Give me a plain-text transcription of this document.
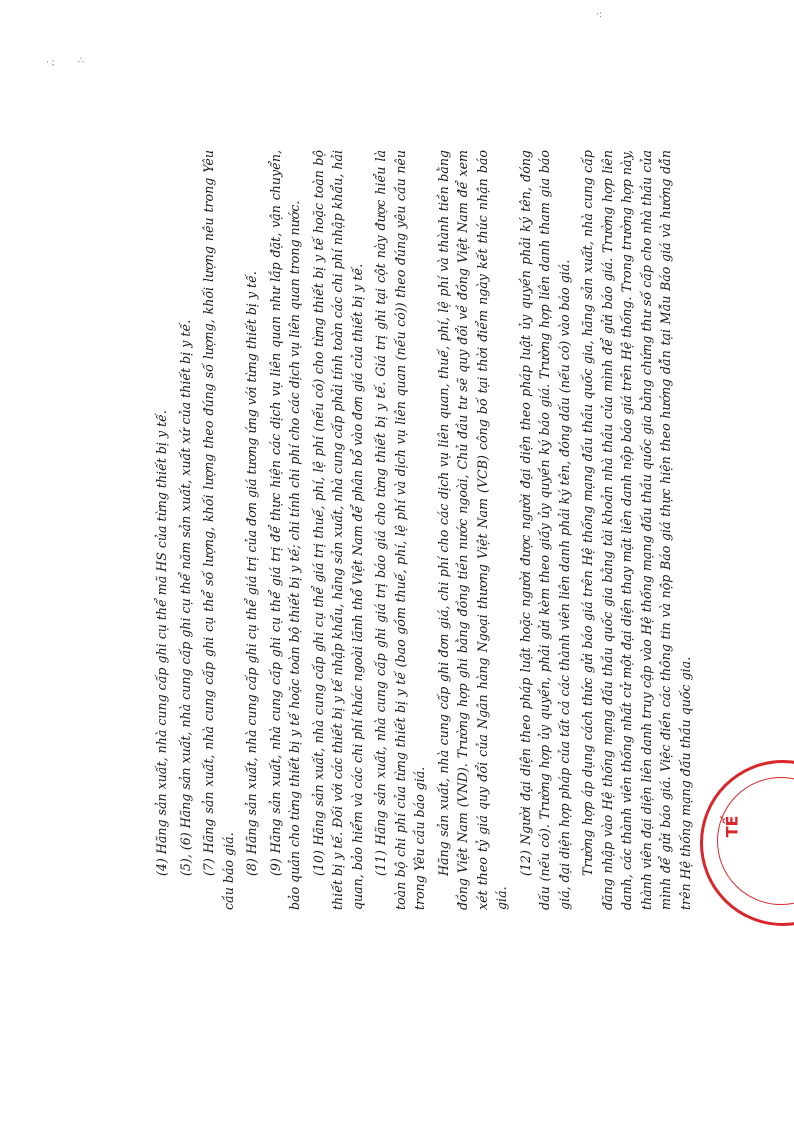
· ;	∴
·:

(4) Hãng sản xuất, nhà cung cấp ghi cụ thể mã HS của từng thiết bị y tế. (5), (6) Hãng sản xuất, nhà cung cấp ghi cụ thể năm sản xuất, xuất xứ của thiết bị y tế. (7) Hãng sản xuất, nhà cung cấp ghi cụ thể số lượng, khối lượng theo đúng số lượng, khối lượng nêu trong Yêu cầu báo giá. (8) Hãng sản xuất, nhà cung cấp ghi cụ thể giá trị của đơn giá tương ứng với từng thiết bị y tế. (9) Hãng sản xuất, nhà cung cấp ghi cụ thể giá trị để thực hiện các dịch vụ liên quan như lắp đặt, vận chuyển, bảo quản cho từng thiết bị y tế hoặc toàn bộ thiết bị y tế; chi tính chi phí cho các dịch vụ liên quan trong nước. (10) Hãng sản xuất, nhà cung cấp ghi cụ thể giá trị thuế, phí, lệ phí (nếu có) cho từng thiết bị y tế hoặc toàn bộ thiết bị y tế. Đối với các thiết bị y tế nhập khẩu, hãng sản xuất, nhà cung cấp phải tính toàn các chi phí nhập khẩu, hải quan, bảo hiểm và các chi phí khác ngoài lãnh thổ Việt Nam để phân bổ vào đơn giá của thiết bị y tế. (11) Hãng sản xuất, nhà cung cấp ghi giá trị báo giá cho từng thiết bị y tế. Giá trị ghi tại cột này được hiểu là toàn bộ chi phí của từng thiết bị y tế (bao gồm thuế, phí, lệ phí và dịch vụ liên quan (nếu có)) theo đúng yêu cầu nêu trong Yêu cầu báo giá. Hãng sản xuất, nhà cung cấp ghi đơn giá, chi phí cho các dịch vụ liên quan, thuế, phí, lệ phí và thành tiền bằng đồng Việt Nam (VND). Trường hợp ghi bằng đồng tiền nước ngoài, Chủ đầu tư sẽ quy đổi về đồng Việt Nam để xem xét theo tỷ giá quy đổi của Ngân hàng Ngoại thương Việt Nam (VCB) công bố tại thời điểm ngày kết thúc nhận báo giá.

(12) Người đại diện theo pháp luật hoặc người được người đại diện theo pháp luật ủy quyền phải ký tên, đóng dấu (nếu có). Trường hợp ủy quyền, phải gửi kèm theo giấy ủy quyền ký báo giá. Trường hợp liên danh tham gia báo giá, đại diện hợp pháp của tất cả các thành viên liên danh phải ký tên, đóng dấu (nếu có) vào báo giá. Trường hợp áp dụng cách thức gửi báo giá trên Hệ thống mạng đấu thầu quốc gia, hãng sản xuất, nhà cung cấp đăng nhập vào Hệ thống mạng đấu thầu quốc gia bằng tài khoản nhà thầu của mình để gửi báo giá. Trường hợp liên danh, các thành viên thống nhất cử một đại diện thay mặt liên danh nộp báo giá trên Hệ thống. Trong trường hợp này, thành viên đại diện liên danh truy cập vào Hệ thống mạng đấu thầu quốc gia bằng chứng thư số cấp cho nhà thầu của mình để gửi báo giá. Việc điền các thông tin và nộp Báo giá thực hiện theo hướng dẫn tại Mẫu Báo giá và hướng dẫn trên Hệ thống mạng đấu thầu quốc gia. TẾ
